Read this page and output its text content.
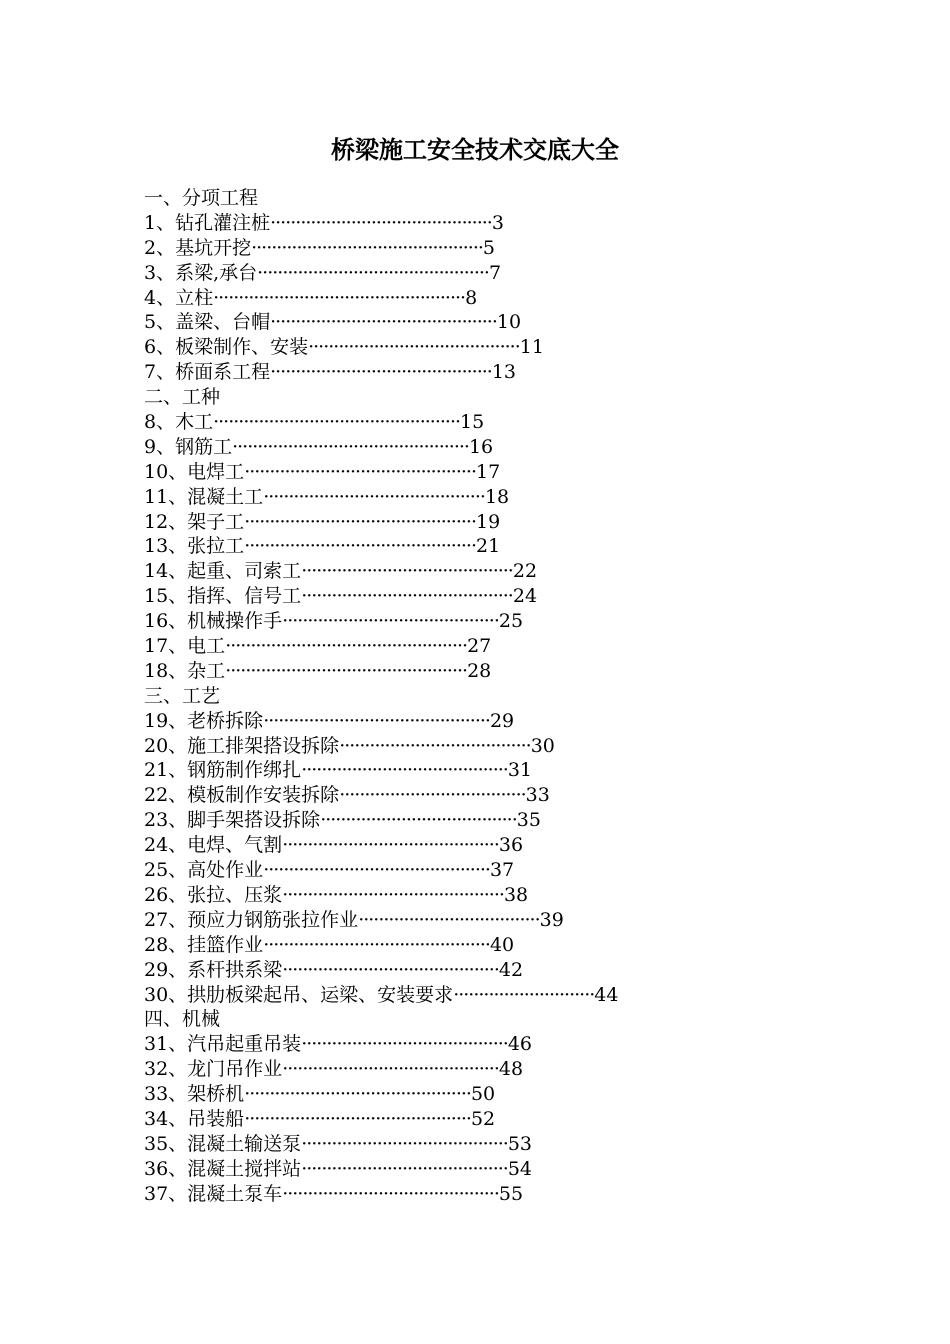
桥梁施工安全技术交底大全
一、分项工程
1、钻孔灌注桩············································3
2、基坑开挖··············································5
3、系梁,承台··············································7
4、立柱··················································8
5、盖梁、台帽·············································10
6、板梁制作、安装··········································11
7、桥面系工程············································13
二、工种
8、木工·················································15
9、钢筋工···············································16
10、电焊工··············································17
11、混凝土工············································18
12、架子工··············································19
13、张拉工··············································21
14、起重、司索工··········································22
15、指挥、信号工··········································24
16、机械操作手···········································25
17、电工················································27
18、杂工················································28
三、工艺
19、老桥拆除·············································29
20、施工排架搭设拆除······································30
21、钢筋制作绑扎·········································31
22、模板制作安装拆除·····································33
23、脚手架搭设拆除·······································35
24、电焊、气割···········································36
25、高处作业·············································37
26、张拉、压浆············································38
27、预应力钢筋张拉作业····································39
28、挂篮作业·············································40
29、系杆拱系梁···········································42
30、拱肋板梁起吊、运梁、安装要求····························44
四、机械
31、汽吊起重吊装·········································46
32、龙门吊作业···········································48
33、架桥机·············································50
34、吊装船·············································52
35、混凝土输送泵·········································53
36、混凝土搅拌站·········································54
37、混凝土泵车···········································55
